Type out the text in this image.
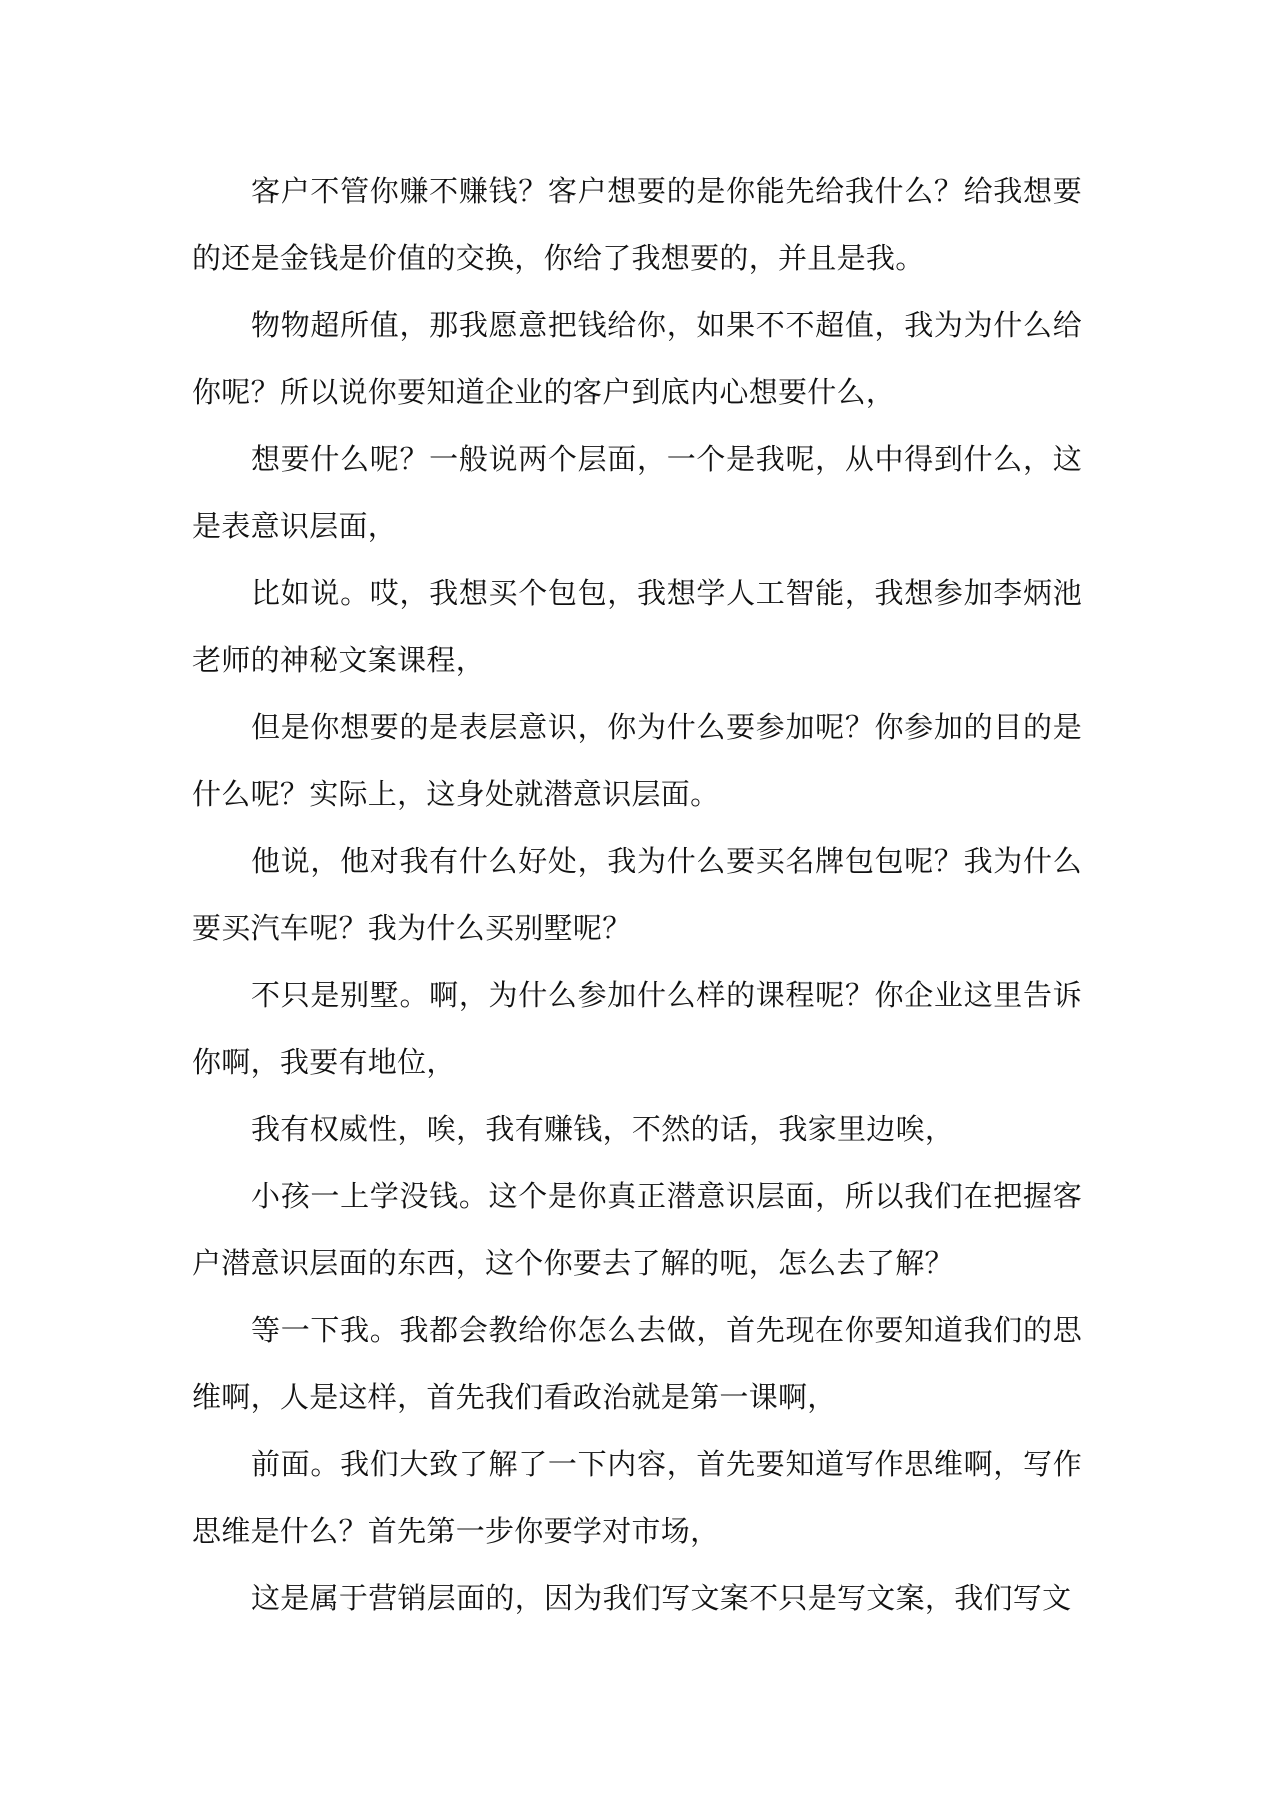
客户不管你赚不赚钱？客户想要的是你能先给我什么？给我想要的还是金钱是价值的交换，你给了我想要的，并且是我。

物物超所值，那我愿意把钱给你，如果不不超值，我为为什么给你呢？所以说你要知道企业的客户到底内心想要什么，

想要什么呢？一般说两个层面，一个是我呢，从中得到什么，这是表意识层面，

比如说。哎，我想买个包包，我想学人工智能，我想参加李炳池老师的神秘文案课程，

但是你想要的是表层意识，你为什么要参加呢？你参加的目的是什么呢？实际上，这身处就潜意识层面。

他说，他对我有什么好处，我为什么要买名牌包包呢？我为什么要买汽车呢？我为什么买别墅呢？

不只是别墅。啊，为什么参加什么样的课程呢？你企业这里告诉你啊，我要有地位，

我有权威性，唉，我有赚钱，不然的话，我家里边唉，

小孩一上学没钱。这个是你真正潜意识层面，所以我们在把握客户潜意识层面的东西，这个你要去了解的呃，怎么去了解？

等一下我。我都会教给你怎么去做，首先现在你要知道我们的思维啊，人是这样，首先我们看政治就是第一课啊，

前面。我们大致了解了一下内容，首先要知道写作思维啊，写作思维是什么？首先第一步你要学对市场，

这是属于营销层面的，因为我们写文案不只是写文案，我们写文
